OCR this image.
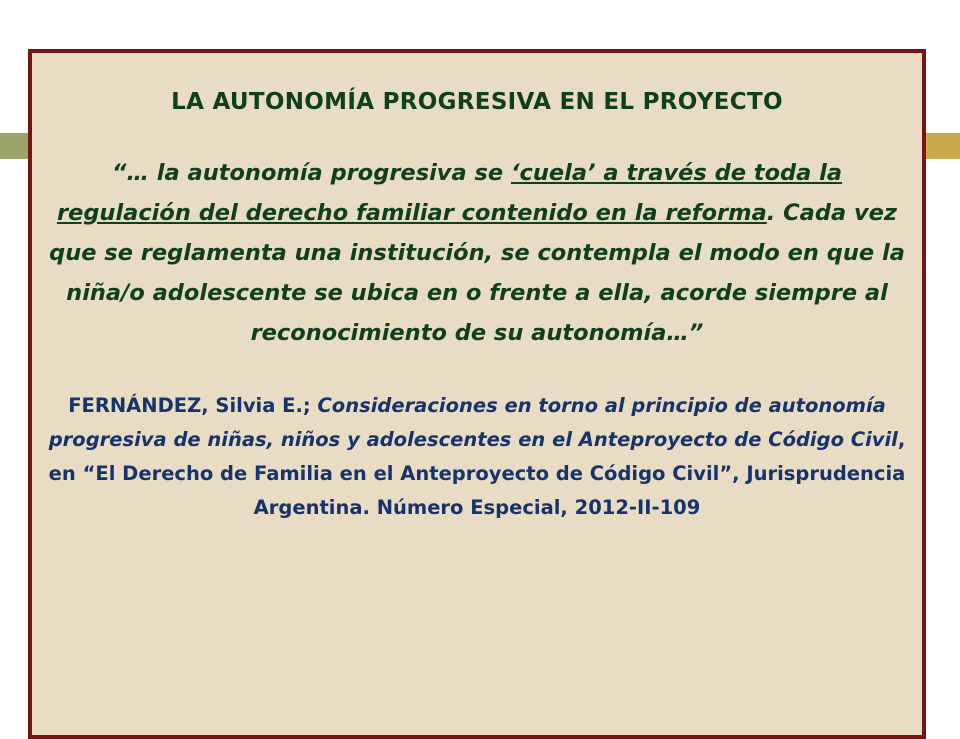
LA AUTONOMÍA PROGRESIVA EN EL PROYECTO
“… la autonomía progresiva se ‘cuela’ a través de toda la regulación del derecho familiar contenido en la reforma. Cada vez que se reglamenta una institución, se contempla el modo en que la niña/o adolescente se ubica en o frente a ella, acorde siempre al reconocimiento de su autonomía…”
FERNÁNDEZ, Silvia E.; Consideraciones en torno al principio de autonomía progresiva de niñas, niños y adolescentes en el Anteproyecto de Código Civil, en “El Derecho de Familia en el Anteproyecto de Código Civil”, Jurisprudencia Argentina. Número Especial, 2012-II-109
